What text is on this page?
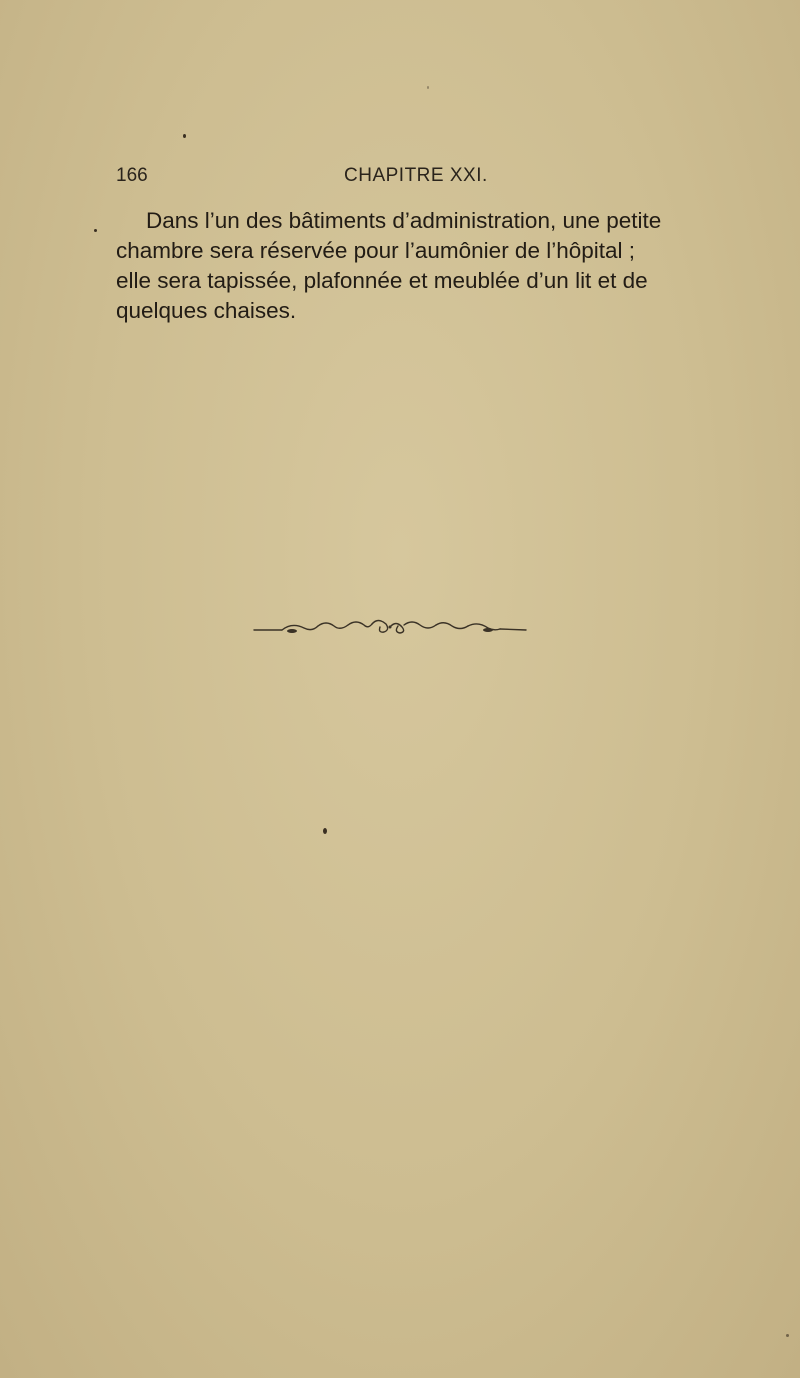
166	CHAPITRE XXI.

Dans l’un des bâtiments d’administration, une petite
chambre sera réservée pour l’aumônier de l’hôpital ;
elle sera tapissée, plafonnée et meublée d’un lit et de
quelques chaises.
